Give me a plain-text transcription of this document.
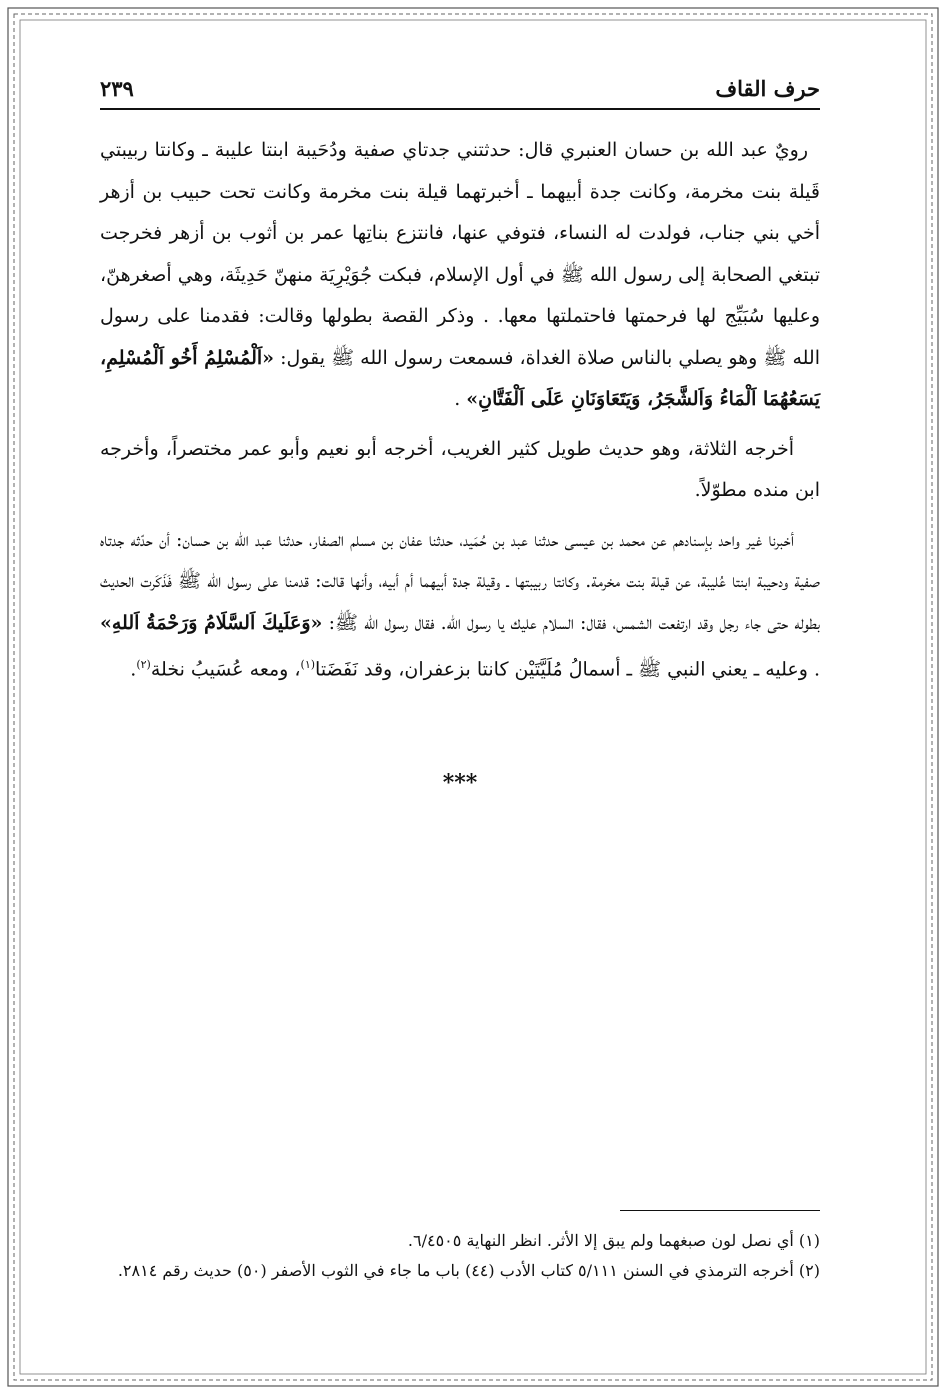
حرف القاف
٢٣٩

رويٌ عبد الله بن حسان العنبري قال: حدثتني جدتاي صفية ودُحَيبة ابنتا عليبة ـ وكانتا ربيبتي قَيلة بنت مخرمة، وكانت جدة أبيهما ـ أخبرتهما قيلة بنت مخرمة وكانت تحت حبيب بن أزهر أخي بني جناب، فولدت له النساء، فتوفي عنها، فانتزع بناتِها عمر بن أثوب بن أزهر فخرجت تبتغي الصحابة إلى رسول الله ﷺ في أول الإسلام، فبكت جُوَيْرِيَة منهنّ حَدِيثَة، وهي أصغرهنّ، وعليها سُبَيِّج لها فرحمتها فاحتملتها معها. . وذكر القصة بطولها وقالت: فقدمنا على رسول الله ﷺ وهو يصلي بالناس صلاة الغداة، فسمعت رسول الله ﷺ يقول: «اَلْمُسْلِمُ أَخُو اَلْمُسْلِمِ، يَسَعُهُمَا اَلْمَاءُ وَاَلشَّجَرُ، وَيَتَعَاوَنَانِ عَلَى اَلْفَتَّانِ» .

أخرجه الثلاثة، وهو حديث طويل كثير الغريب، أخرجه أبو نعيم وأبو عمر مختصراً، وأخرجه ابن منده مطوّلاً.

أخبرنا غير واحد بإسنادهم عن محمد بن عيسى حدثنا عبد بن حُمَيد، حدثنا عفان بن مسلم الصفار، حدثنا عبد الله بن حسان: أن حدّثه جدتاه صفية ودحيبة ابنتا عُليبة، عن قيلة بنت مخرمة. وكانتا ربيبتها ـ وقيلة جدة أبيهما أم أبيه، وأنها قالت: قدمنا على رسول الله ﷺ فَذَكَرت الحديث بطوله حتى جاء رجل وقد ارتفعت الشمس، فقال: السلام عليك يا رسول الله. فقال رسول الله ﷺ: «وَعَلَيكَ اَلسَّلَامُ وَرَحْمَةُ اَللهِ» . وعليه ـ يعني النبي ﷺ ـ أسمالُ مُلَيَّتَيْن كانتا بزعفران، وقد نَفَضَتا$^{(١)}$، ومعه عُسَيبُ نخلة$^{(٢)}$.

***

(١) أي نصل لون صبغهما ولم يبق إلا الأثر. انظر النهاية ٦/٤٥٠٥.

(٢) أخرجه الترمذي في السنن ٥/١١١ كتاب الأدب (٤٤) باب ما جاء في الثوب الأصفر (٥٠) حديث رقم ٢٨١٤.
